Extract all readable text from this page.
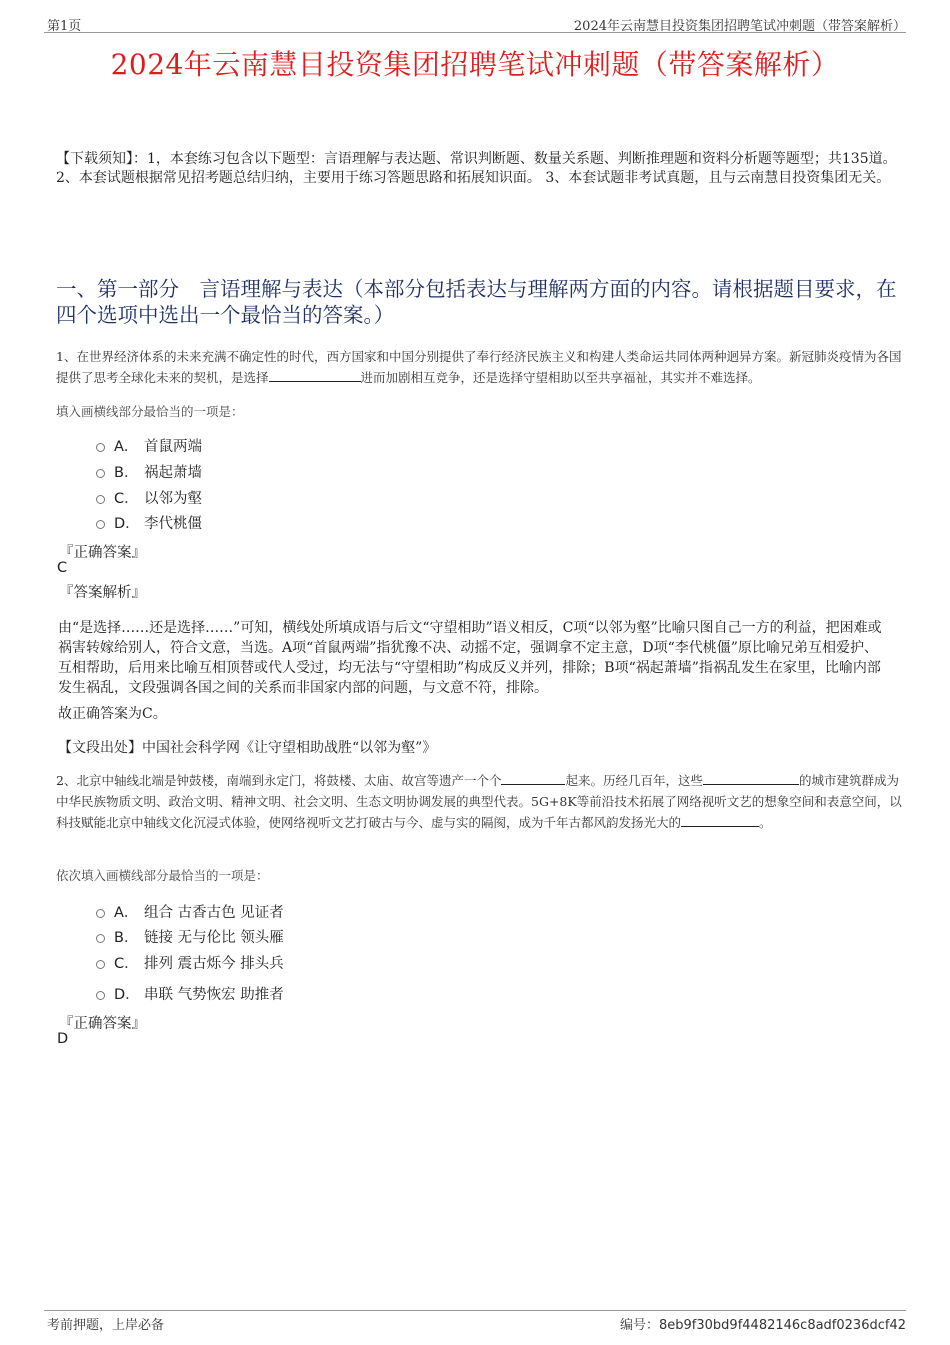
第1页	2024年云南慧目投资集团招聘笔试冲刺题（带答案解析）
2024年云南慧目投资集团招聘笔试冲刺题（带答案解析）
【下载须知】：1，本套练习包含以下题型：言语理解与表达题、常识判断题、数量关系题、判断推理题和资料分析题等题型；共135道。 2、本套试题根据常见招考题总结归纳，主要用于练习答题思路和拓展知识面。 3、本套试题非考试真题，且与云南慧目投资集团无关。
一、第一部分　言语理解与表达（本部分包括表达与理解两方面的内容。请根据题目要求，在四个选项中选出一个最恰当的答案。）
1、在世界经济体系的未来充满不确定性的时代，西方国家和中国分别提供了奉行经济民族主义和构建人类命运共同体两种迥异方案。新冠肺炎疫情为各国提供了思考全球化未来的契机，是选择	进而加剧相互竞争，还是选择守望相助以至共享福祉，其实并不难选择。
填入画横线部分最恰当的一项是：
A． 首鼠两端
B． 祸起萧墙
C． 以邻为壑
D． 李代桃僵
『正确答案』
C
『答案解析』
由“是选择……还是选择……”可知，横线处所填成语与后文“守望相助”语义相反，C项“以邻为壑”比喻只图自己一方的利益，把困难或祸害转嫁给别人，符合文意，当选。A项“首鼠两端”指犹豫不决、动摇不定，强调拿不定主意，D项“李代桃僵”原比喻兄弟互相爱护、互相帮助，后用来比喻互相顶替或代人受过，均无法与“守望相助”构成反义并列，排除；B项“祸起萧墙”指祸乱发生在家里，比喻内部发生祸乱，文段强调各国之间的关系而非国家内部的问题，与文意不符，排除。
故正确答案为C。
【文段出处】中国社会科学网《让守望相助战胜“以邻为壑”》
2、北京中轴线北端是钟鼓楼，南端到永定门，将鼓楼、太庙、故宫等遗产一个个	起来。历经几百年，这些	的城市建筑群成为中华民族物质文明、政治文明、精神文明、社会文明、生态文明协调发展的典型代表。5G+8K等前沿技术拓展了网络视听文艺的想象空间和表意空间，以科技赋能北京中轴线文化沉浸式体验，使网络视听文艺打破古与今、虚与实的隔阂，成为千年古都风韵发扬光大的	。
依次填入画横线部分最恰当的一项是：
A． 组合 古香古色 见证者
B． 链接 无与伦比 领头雁
C． 排列 震古烁今 排头兵
D． 串联 气势恢宏 助推者
『正确答案』
D
考前押题，上岸必备	编号：8eb9f30bd9f4482146c8adf0236dcf42
